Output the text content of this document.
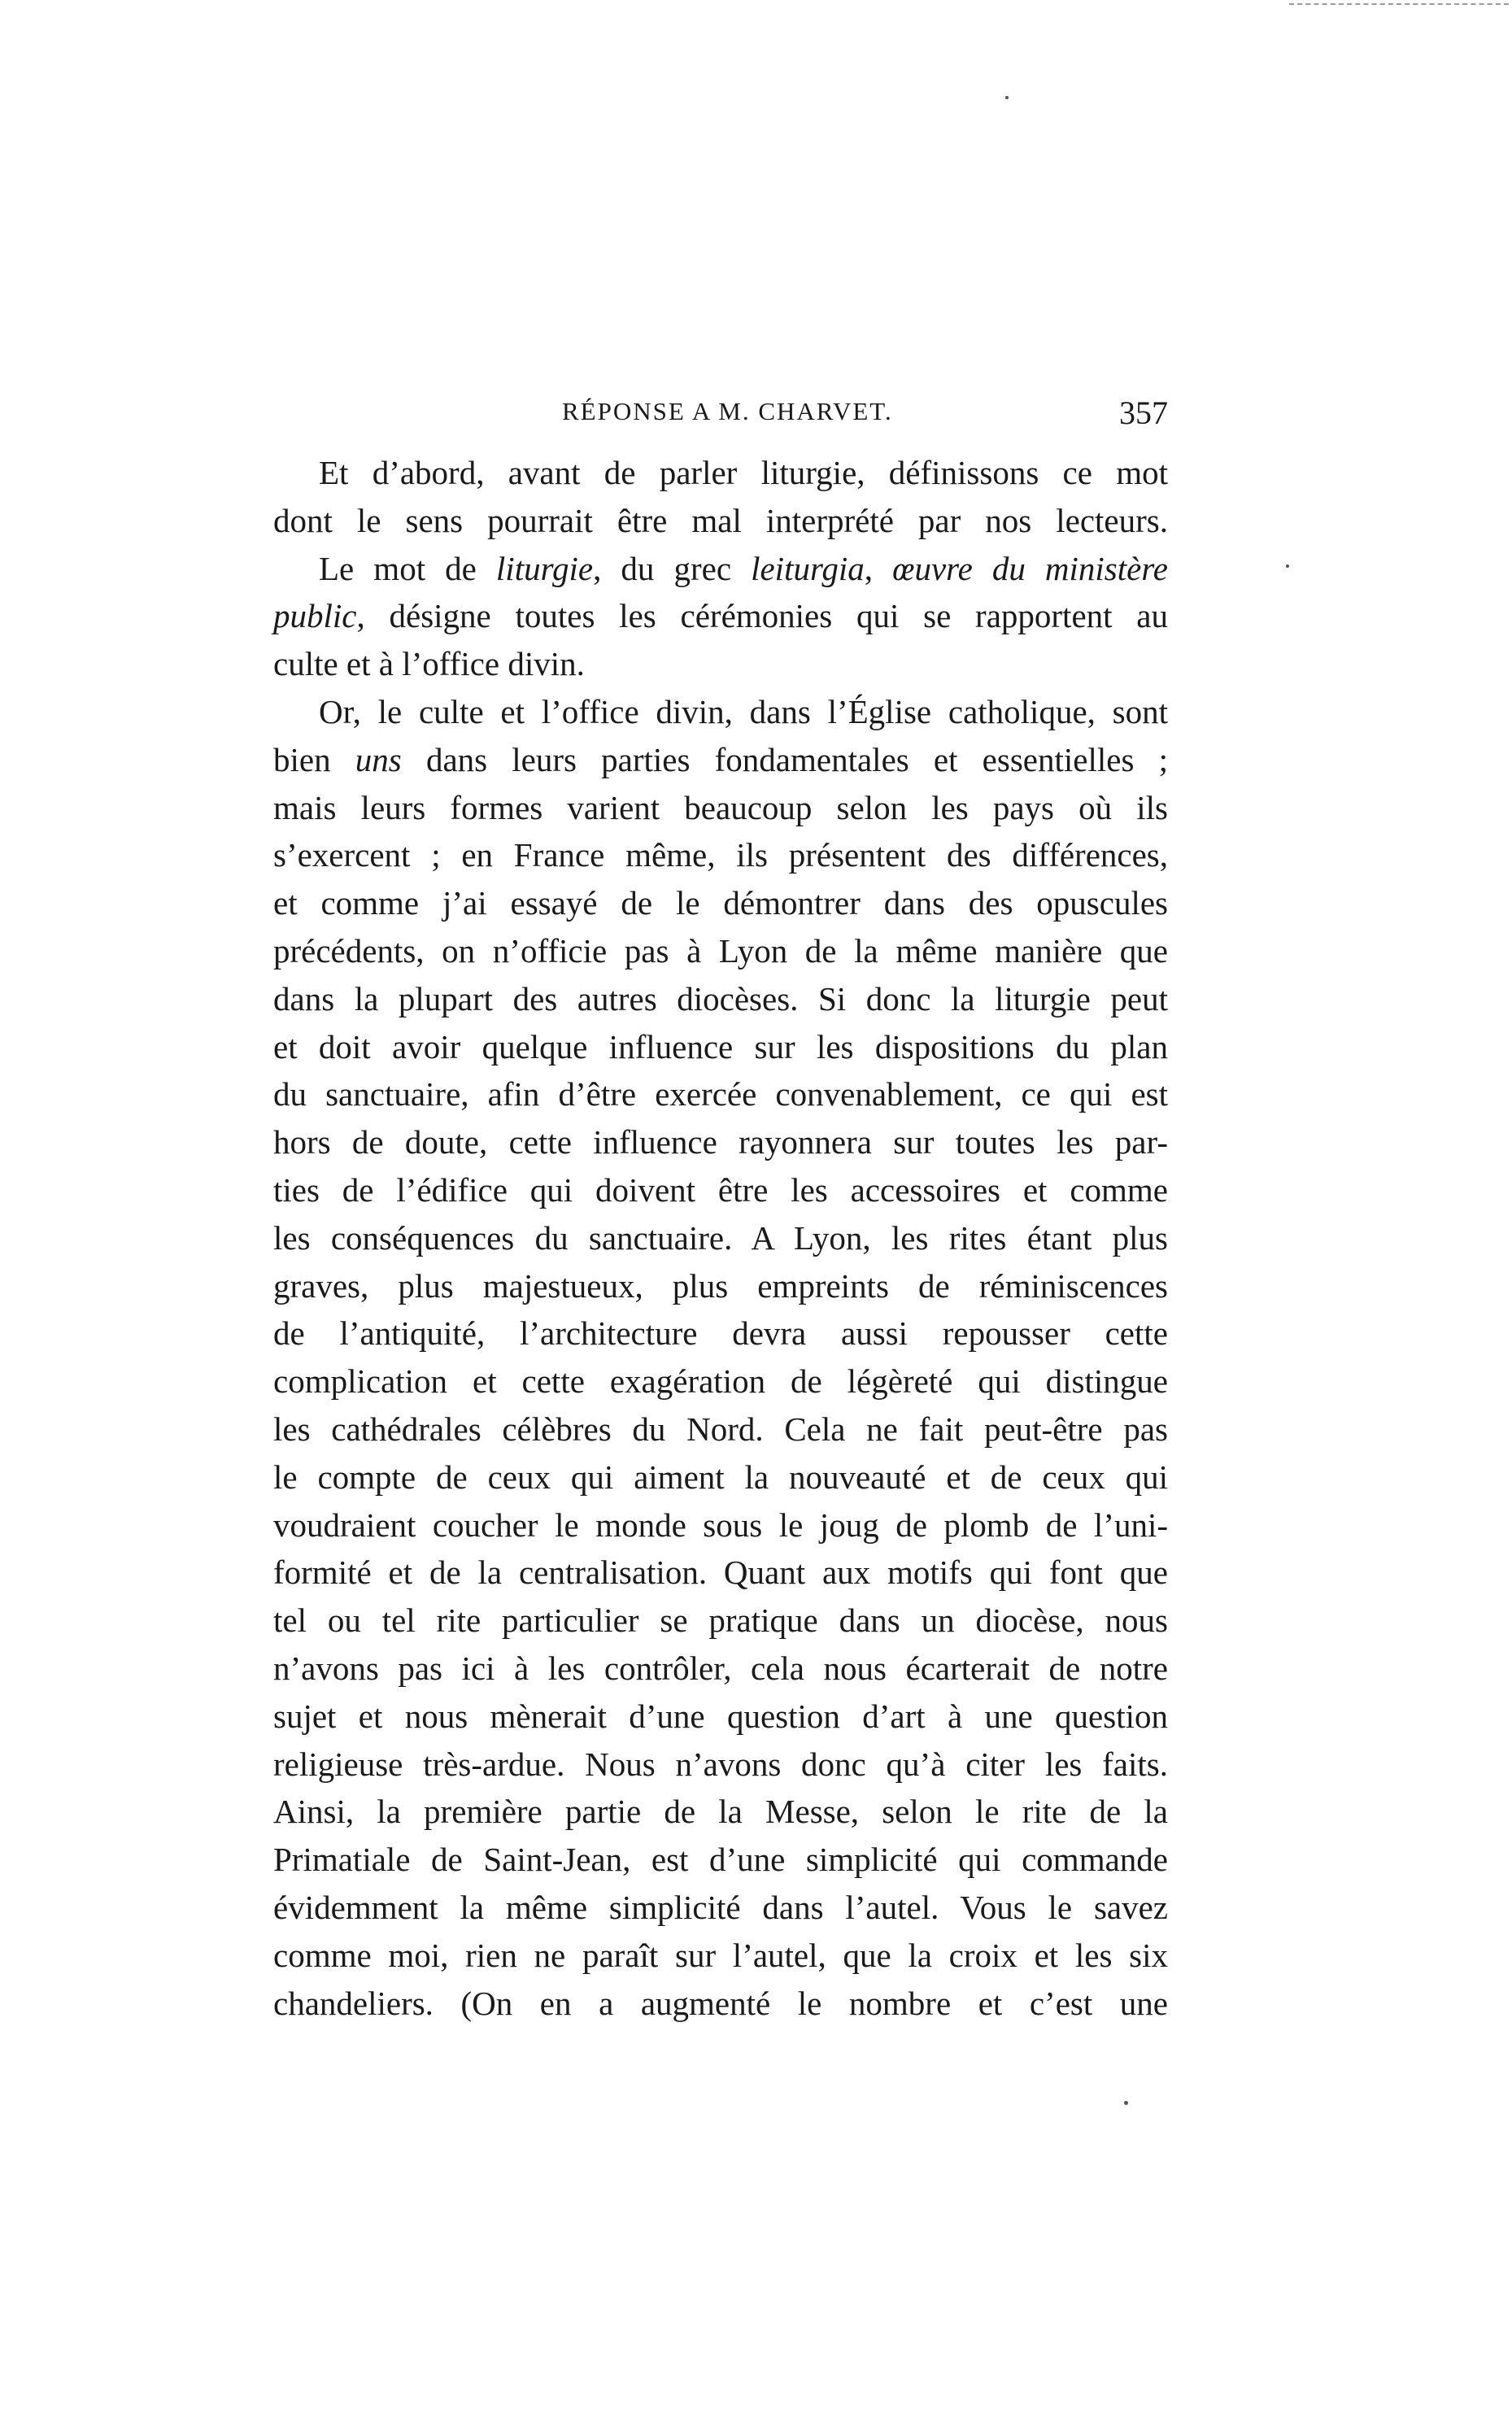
RÉPONSE A M. CHARVET.	357
Et d’abord, avant de parler liturgie, définissons ce mot
dont le sens pourrait être mal interprété par nos lecteurs.
Le mot de liturgie, du grec leiturgia, œuvre du ministère
public, désigne toutes les cérémonies qui se rapportent au
culte et à l’office divin.
Or, le culte et l’office divin, dans l’Église catholique, sont
bien uns dans leurs parties fondamentales et essentielles ;
mais leurs formes varient beaucoup selon les pays où ils
s’exercent ; en France même, ils présentent des différences,
et comme j’ai essayé de le démontrer dans des opuscules
précédents, on n’officie pas à Lyon de la même manière que
dans la plupart des autres diocèses. Si donc la liturgie peut
et doit avoir quelque influence sur les dispositions du plan
du sanctuaire, afin d’être exercée convenablement, ce qui est
hors de doute, cette influence rayonnera sur toutes les par-
ties de l’édifice qui doivent être les accessoires et comme
les conséquences du sanctuaire. A Lyon, les rites étant plus
graves, plus majestueux, plus empreints de réminiscences
de l’antiquité, l’architecture devra aussi repousser cette
complication et cette exagération de légèreté qui distingue
les cathédrales célèbres du Nord. Cela ne fait peut-être pas
le compte de ceux qui aiment la nouveauté et de ceux qui
voudraient coucher le monde sous le joug de plomb de l’uni-
formité et de la centralisation. Quant aux motifs qui font que
tel ou tel rite particulier se pratique dans un diocèse, nous
n’avons pas ici à les contrôler, cela nous écarterait de notre
sujet et nous mènerait d’une question d’art à une question
religieuse très-ardue. Nous n’avons donc qu’à citer les faits.
Ainsi, la première partie de la Messe, selon le rite de la
Primatiale de Saint-Jean, est d’une simplicité qui commande
évidemment la même simplicité dans l’autel. Vous le savez
comme moi, rien ne paraît sur l’autel, que la croix et les six
chandeliers. (On en a augmenté le nombre et c’est une
